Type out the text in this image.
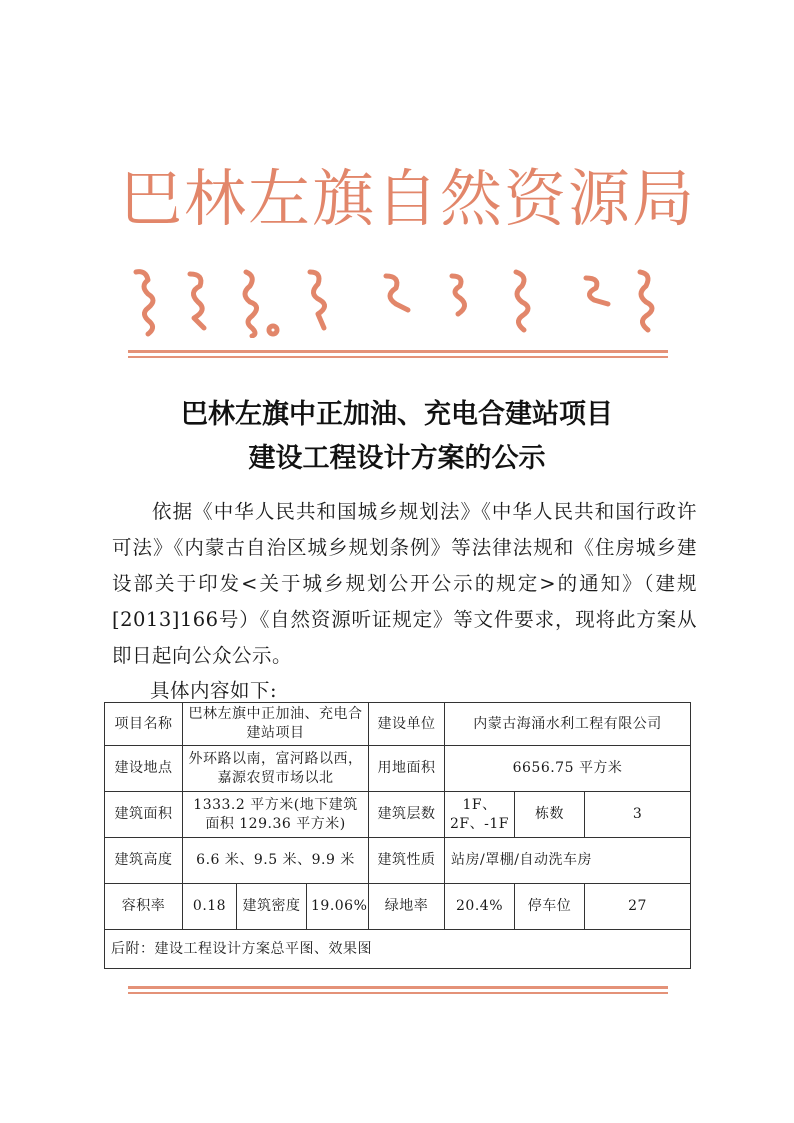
巴林左旗自然资源局
巴林左旗中正加油、充电合建站项目
建设工程设计方案的公示
依据《中华人民共和国城乡规划法》《中华人民共和国行政许可法》《内蒙古自治区城乡规划条例》等法律法规和《住房城乡建设部关于印发<关于城乡规划公开公示的规定>的通知》（建规[2013]166号）《自然资源听证规定》等文件要求，现将此方案从即日起向公众公示。
具体内容如下:
项目名称	巴林左旗中正加油、充电合建站项目			建设单位	内蒙古海涌水利工程有限公司		
建设地点	外环路以南，富河路以西，嘉源农贸市场以北			用地面积	6656.75 平方米		
建筑面积	1333.2 平方米(地下建筑面积 129.36 平方米)			建筑层数	1F、2F、-1F	栋数	3
建筑高度	6.6 米、9.5 米、9.9 米			建筑性质	站房/罩棚/自动洗车房		
容积率	0.18	建筑密度	19.06%	绿地率	20.4%	停车位	27
后附：建设工程设计方案总平图、效果图							
